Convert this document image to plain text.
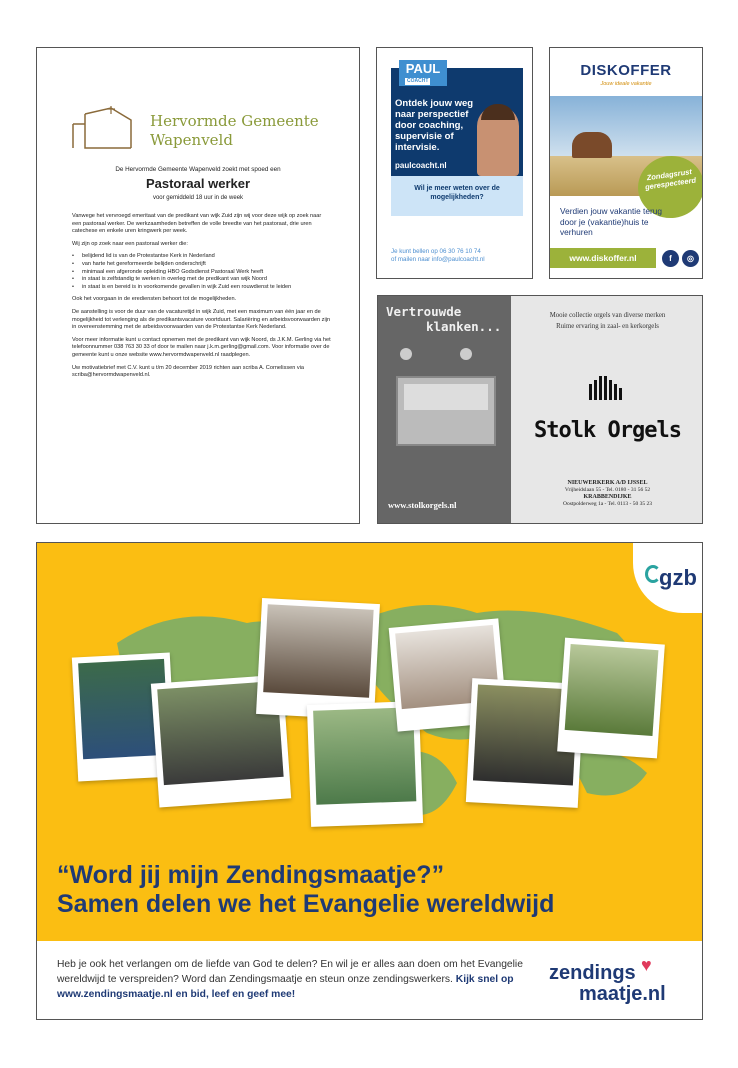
Hervormde Gemeente
Wapenveld
De Hervormde Gemeente Wapenveld zoekt met spoed een
Pastoraal werker
voor gemiddeld 18 uur in de week

Vanwege het vervroegd emeritaat van de predikant van wijk Zuid zijn wij voor deze wijk op zoek naar een pastoraal werker. De werkzaamheden betreffen de volle breedte van het pastoraat, drie uren catechese en enkele uren kringwerk per week.

Wij zijn op zoek naar een pastoraal werker die:

• belijdend lid is van de Protestantse Kerk in Nederland
• van harte het gereformeerde belijden onderschrijft
• minimaal een afgeronde opleiding HBO Godsdienst Pastoraal Werk heeft
• in staat is zelfstandig te werken in overleg met de predikant van wijk Noord
• in staat is en bereid is in voorkomende gevallen in wijk Zuid een rouwdienst te leiden

Ook het voorgaan in de erediensten behoort tot de mogelijkheden.

De aanstelling is voor de duur van de vacaturetijd in wijk Zuid, met een maximum van één jaar en de mogelijkheid tot verlenging als de predikantsvacature voortduurt. Salariëring en arbeidsvoorwaarden zijn in overeenstemming met de arbeidsvoorwaarden van de Protestantse Kerk Nederland.

Voor meer informatie kunt u contact opnemen met de predikant van wijk Noord, ds J.K.M. Gerling via het telefoonnummer 038 763 30 33 of door te mailen naar j.k.m.gerling@gmail.com. Voor informatie over de gemeente kunt u onze website www.hervormdwapenveld.nl raadplegen.

Uw motivatiebrief met C.V. kunt u t/m 20 december 2019 richten aan scriba A. Cornelissen via scriba@hervormdwapenveld.nl.

PAUL
COACHT
Ontdek jouw weg naar perspectief door coaching, supervisie of intervisie.
paulcoacht.nl
Wil je meer weten over de mogelijkheden?
Je kunt bellen op 06 30 76 10 74
of mailen naar info@paulcoacht.nl
DISKOFFER
Jouw ideale vakantie
Zondagsrust gerespecteerd
Verdien jouw vakantie terug door je (vakantie)huis te verhuren
www.diskoffer.nl	f	◎
Vertrouwde
klanken...
www.stolkorgels.nl
Mooie collectie orgels van diverse merken
Ruime ervaring in zaal- en kerkorgels
Stolk Orgels
NIEUWERKERK A/D IJSSEL
Vrijheidslaan 55 - Tel. 0180 - 31 56 52
KRABBENDIJKE
Oostpolderweg 1a - Tel. 0113 - 50 35 23
gzb
“Word jij mijn Zendingsmaatje?”
Samen delen we het Evangelie wereldwijd

Heb je ook het verlangen om de liefde van God te delen? En wil je er alles aan doen om het Evangelie wereldwijd te verspreiden? Word dan Zendingsmaatje en steun onze zendingswerkers. Kijk snel op www.zendingsmaatje.nl en bid, leef en geef mee!

zendings
maatje.nl
♥
